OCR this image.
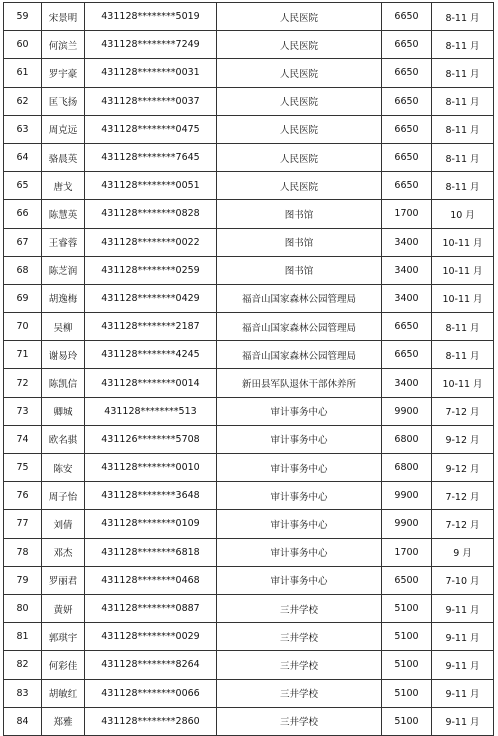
59	宋景明	431128********5019	人民医院	6650	8-11 月
60	何滨兰	431128********7249	人民医院	6650	8-11 月
61	罗宇豪	431128********0031	人民医院	6650	8-11 月
62	匡飞扬	431128********0037	人民医院	6650	8-11 月
63	周克远	431128********0475	人民医院	6650	8-11 月
64	骆晨英	431128********7645	人民医院	6650	8-11 月
65	唐戈	431128********0051	人民医院	6650	8-11 月
66	陈慧英	431128********0828	图书馆	1700	10 月
67	王睿蓉	431128********0022	图书馆	3400	10-11 月
68	陈芝润	431128********0259	图书馆	3400	10-11 月
69	胡逸梅	431128********0429	福音山国家森林公园管理局	3400	10-11 月
70	吴柳	431128********2187	福音山国家森林公园管理局	6650	8-11 月
71	谢易玲	431128********4245	福音山国家森林公园管理局	6650	8-11 月
72	陈凯信	431128********0014	新田县军队退休干部休养所	3400	10-11 月
73	卿城	431128********513	审计事务中心	9900	7-12 月
74	欧名骐	431126********5708	审计事务中心	6800	9-12 月
75	陈安	431128********0010	审计事务中心	6800	9-12 月
76	周子怡	431128********3648	审计事务中心	9900	7-12 月
77	刘倩	431128********0109	审计事务中心	9900	7-12 月
78	邓杰	431128********6818	审计事务中心	1700	9 月
79	罗丽君	431128********0468	审计事务中心	6500	7-10 月
80	黄妍	431128********0887	三井学校	5100	9-11 月
81	郭琪宇	431128********0029	三井学校	5100	9-11 月
82	何彩佳	431128********8264	三井学校	5100	9-11 月
83	胡敏红	431128********0066	三井学校	5100	9-11 月
84	郑雅	431128********2860	三井学校	5100	9-11 月
